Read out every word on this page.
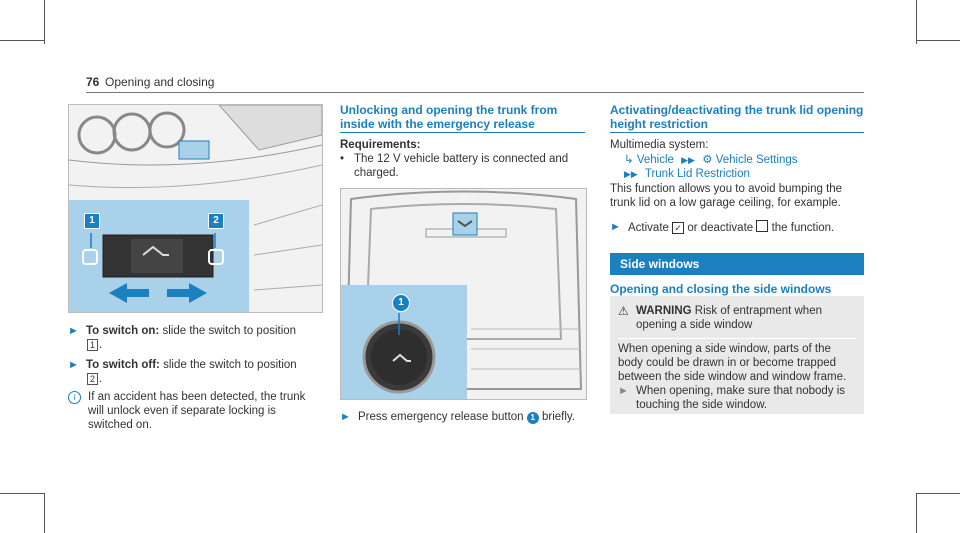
76 Opening and closing
1	2
► To switch on: slide the switch to position
1 .
► To switch off: slide the switch to position
2 .
i	If an accident has been detected, the trunk will unlock even if separate locking is switched on.
Unlocking and opening the trunk from inside with the emergency release
Requirements:
• The 12 V vehicle battery is connected and charged.
1
► Press emergency release button 1 briefly.
Activating/deactivating the trunk lid opening height restriction
Multimedia system:
↳ Vehicle ▶▶ ⚙ Vehicle Settings
▶▶ Trunk Lid Restriction
This function allows you to avoid bumping the trunk lid on a low garage ceiling, for example.
► Activate ✓ or deactivate the function.
Side windows
Opening and closing the side windows
⚠ WARNING Risk of entrapment when opening a side window
When opening a side window, parts of the body could be drawn in or become trapped between the side window and window frame.
► When opening, make sure that nobody is touching the side window.
